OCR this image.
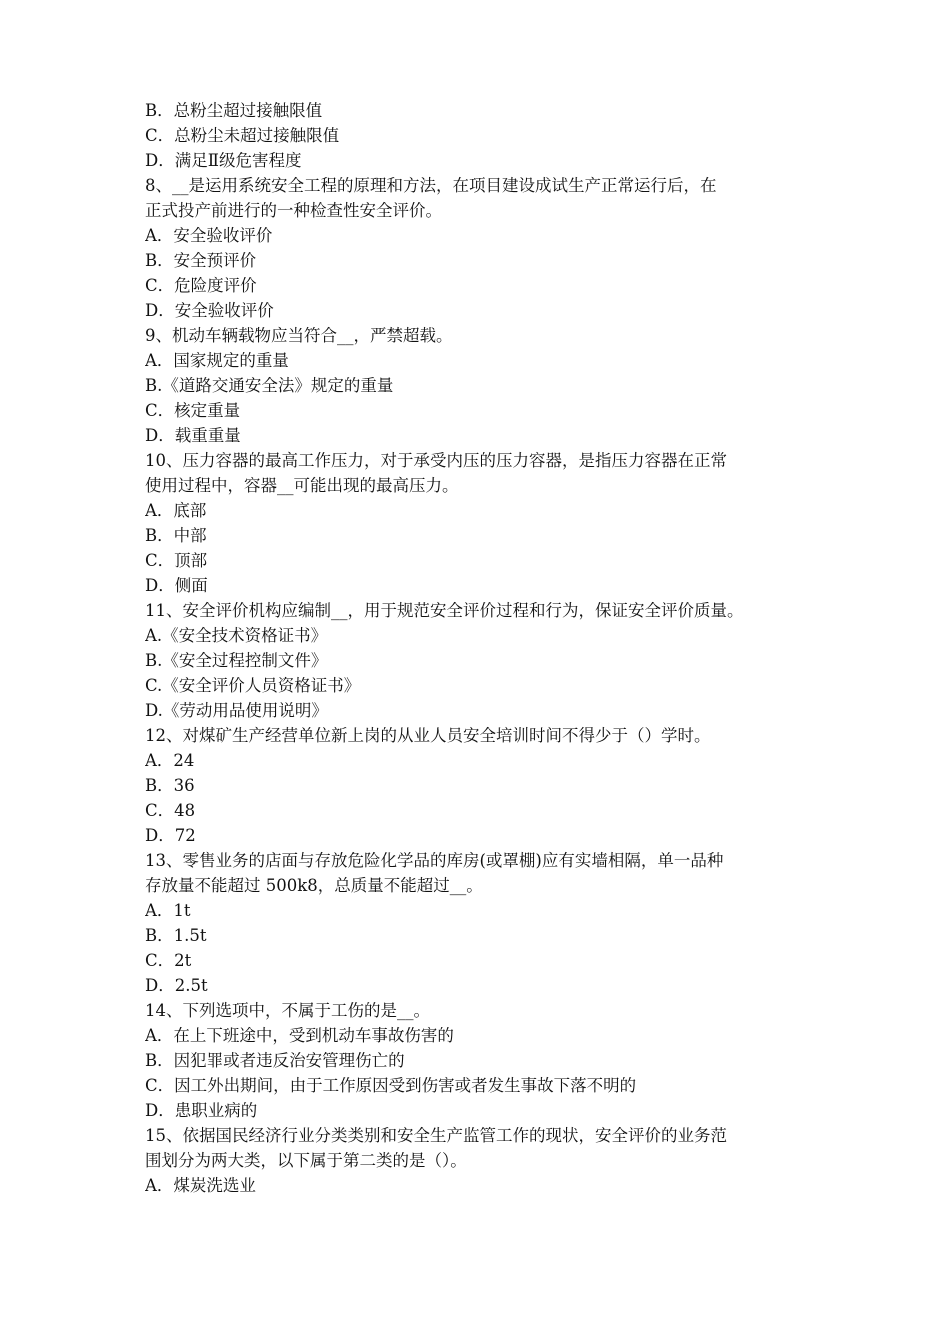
B．总粉尘超过接触限值
C．总粉尘未超过接触限值
D．满足Ⅱ级危害程度
8、__是运用系统安全工程的原理和方法，在项目建设成试生产正常运行后，在
正式投产前进行的一种检查性安全评价。
A．安全验收评价
B．安全预评价
C．危险度评价
D．安全验收评价
9、机动车辆载物应当符合__，严禁超载。
A．国家规定的重量
B.《道路交通安全法》规定的重量
C．核定重量
D．载重重量
10、压力容器的最高工作压力，对于承受内压的压力容器，是指压力容器在正常
使用过程中，容器__可能出现的最高压力。
A．底部
B．中部
C．顶部
D．侧面
11、安全评价机构应编制__，用于规范安全评价过程和行为，保证安全评价质量。
A.《安全技术资格证书》
B.《安全过程控制文件》
C.《安全评价人员资格证书》
D.《劳动用品使用说明》
12、对煤矿生产经营单位新上岗的从业人员安全培训时间不得少于（）学时。
A．24
B．36
C．48
D．72
13、零售业务的店面与存放危险化学品的库房(或罩棚)应有实墙相隔，单一品种
存放量不能超过 500k8，总质量不能超过__。
A．1t
B．1.5t
C．2t
D．2.5t
14、下列选项中，不属于工伤的是__。
A．在上下班途中，受到机动车事故伤害的
B．因犯罪或者违反治安管理伤亡的
C．因工外出期间，由于工作原因受到伤害或者发生事故下落不明的
D．患职业病的
15、依据国民经济行业分类类别和安全生产监管工作的现状，安全评价的业务范
围划分为两大类，以下属于第二类的是（）。
A．煤炭洗选业
